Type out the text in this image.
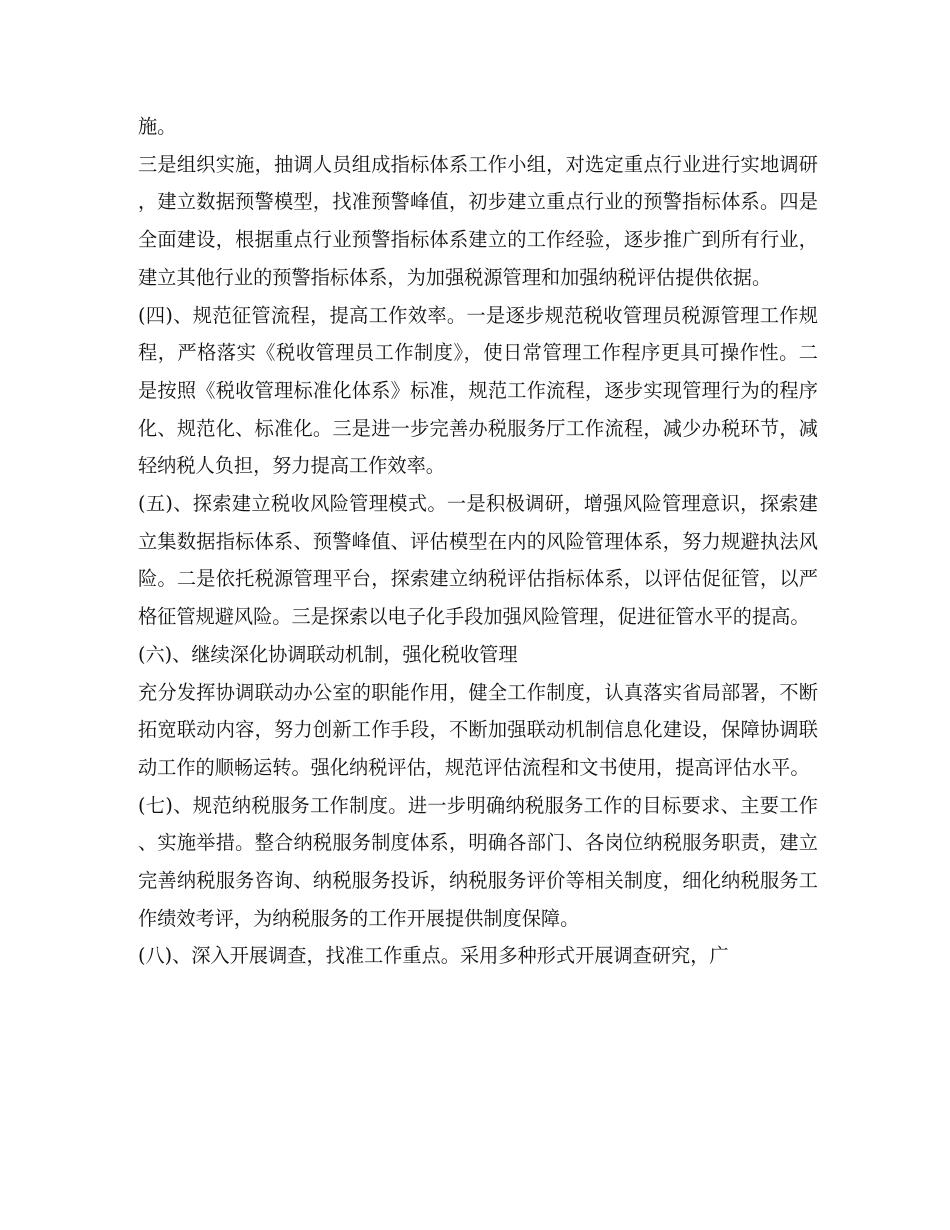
施。

三是组织实施，抽调人员组成指标体系工作小组，对选定重点行业进行实地调研，建立数据预警模型，找准预警峰值，初步建立重点行业的预警指标体系。四是全面建设，根据重点行业预警指标体系建立的工作经验，逐步推广到所有行业，建立其他行业的预警指标体系，为加强税源管理和加强纳税评估提供依据。

(四)、规范征管流程，提高工作效率。一是逐步规范税收管理员税源管理工作规程，严格落实《税收管理员工作制度》，使日常管理工作程序更具可操作性。二是按照《税收管理标准化体系》标准，规范工作流程，逐步实现管理行为的程序化、规范化、标准化。三是进一步完善办税服务厅工作流程，减少办税环节，减轻纳税人负担，努力提高工作效率。

(五)、探索建立税收风险管理模式。一是积极调研，增强风险管理意识，探索建立集数据指标体系、预警峰值、评估模型在内的风险管理体系，努力规避执法风险。二是依托税源管理平台，探索建立纳税评估指标体系，以评估促征管，以严格征管规避风险。三是探索以电子化手段加强风险管理，促进征管水平的提高。

(六)、继续深化协调联动机制，强化税收管理

充分发挥协调联动办公室的职能作用，健全工作制度，认真落实省局部署，不断拓宽联动内容，努力创新工作手段，不断加强联动机制信息化建设，保障协调联动工作的顺畅运转。强化纳税评估，规范评估流程和文书使用，提高评估水平。

(七)、规范纳税服务工作制度。进一步明确纳税服务工作的目标要求、主要工作、实施举措。整合纳税服务制度体系，明确各部门、各岗位纳税服务职责，建立完善纳税服务咨询、纳税服务投诉，纳税服务评价等相关制度，细化纳税服务工作绩效考评，为纳税服务的工作开展提供制度保障。

(八)、深入开展调查，找准工作重点。采用多种形式开展调查研究，广
